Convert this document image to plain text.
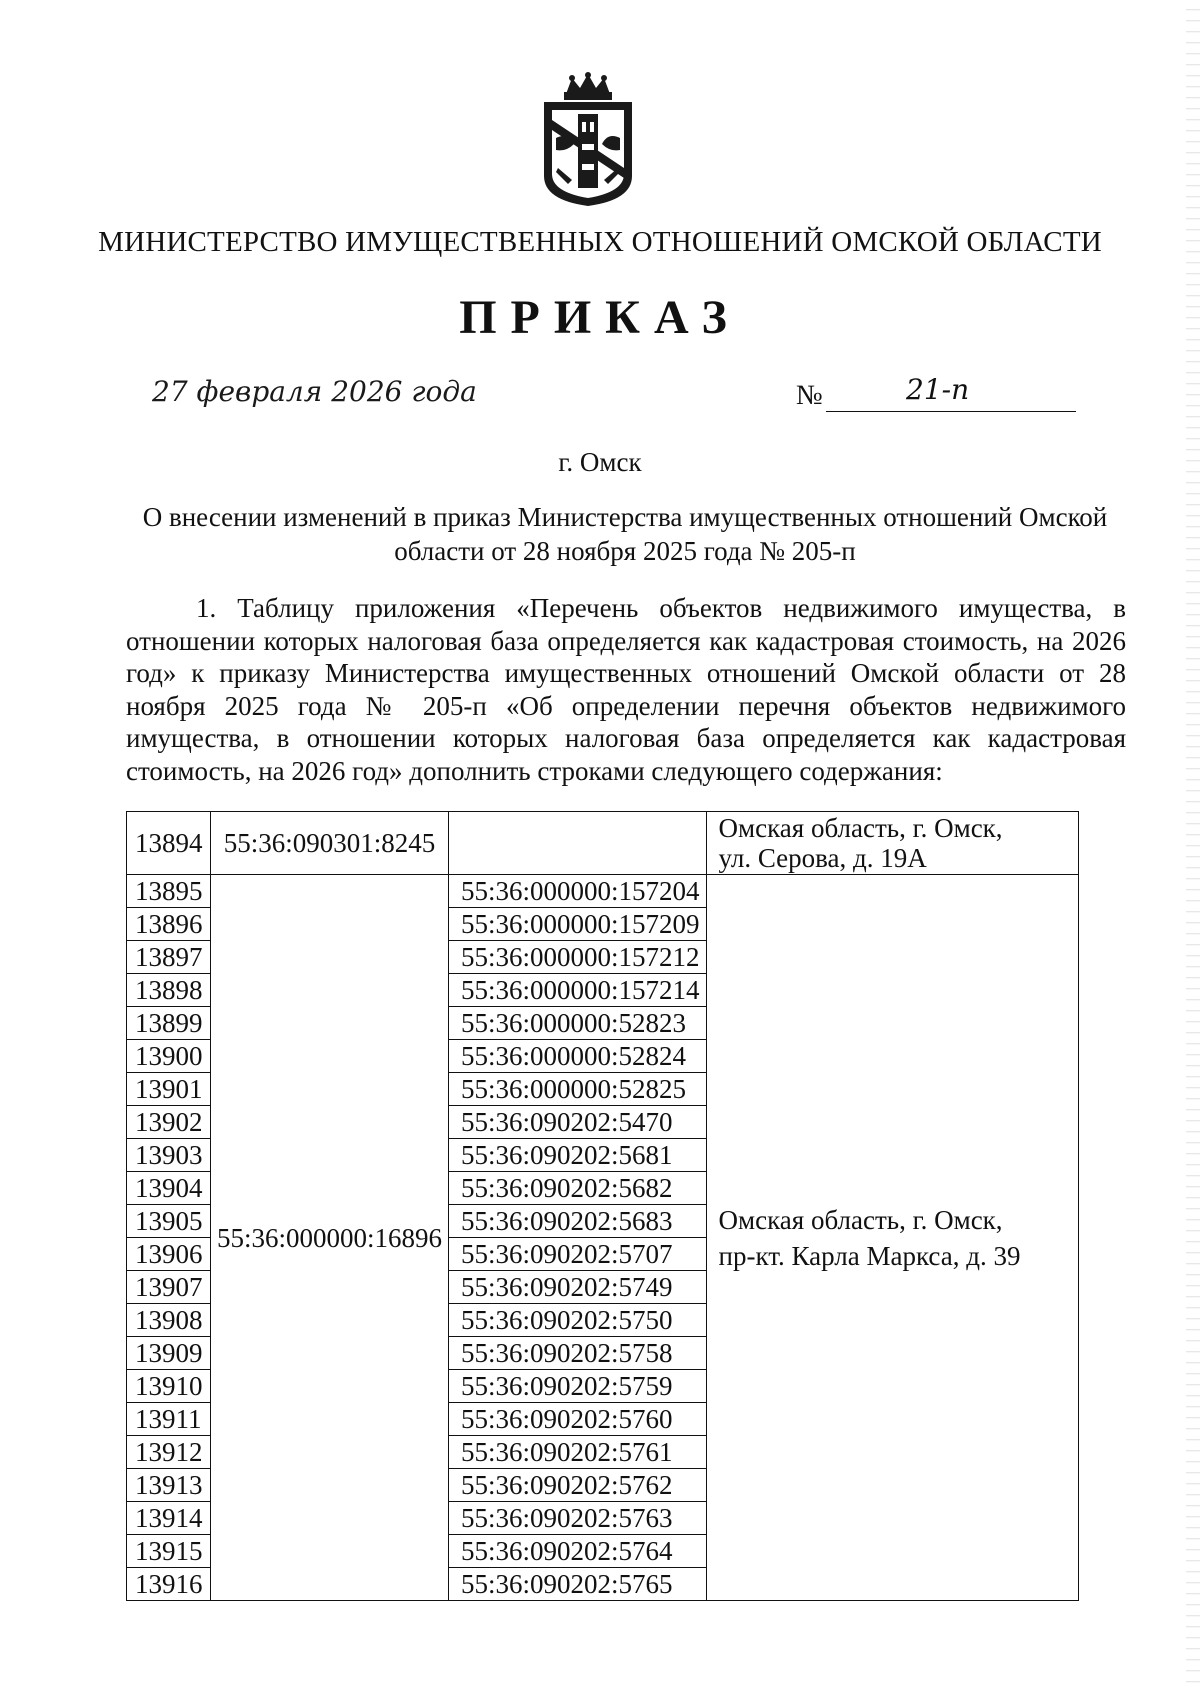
МИНИСТЕРСТВО ИМУЩЕСТВЕННЫХ ОТНОШЕНИЙ ОМСКОЙ ОБЛАСТИ
ПРИКАЗ
27 февраля 2026 года	№	21-п
г. Омск
О внесении изменений в приказ Министерства имущественных отношений Омской
области от 28 ноября 2025 года № 205-п
1. Таблицу приложения «Перечень объектов недвижимого имущества, в отношении которых налоговая база определяется как кадастровая стоимость, на 2026 год» к приказу Министерства имущественных отношений Омской области от 28 ноября 2025 года № 205-п «Об определении перечня объектов недвижимого имущества, в отношении которых налоговая база определяется как кадастровая стоимость, на 2026 год» дополнить строками следующего содержания:
13894	55:36:090301:8245		Омская область, г. Омск,
ул. Серова, д. 19А

13895	55:36:000000:16896	55:36:000000:157204	Омская область, г. Омск,
пр-кт. Карла Маркса, д. 39

13896		55:36:000000:157209	
13897		55:36:000000:157212	
13898		55:36:000000:157214	
13899		55:36:000000:52823	
13900		55:36:000000:52824	
13901		55:36:000000:52825	
13902		55:36:090202:5470	
13903		55:36:090202:5681	
13904		55:36:090202:5682	
13905		55:36:090202:5683	
13906		55:36:090202:5707	
13907		55:36:090202:5749	
13908		55:36:090202:5750	
13909		55:36:090202:5758	
13910		55:36:090202:5759	
13911		55:36:090202:5760	
13912		55:36:090202:5761	
13913		55:36:090202:5762	
13914		55:36:090202:5763	
13915		55:36:090202:5764	
13916		55:36:090202:5765	
